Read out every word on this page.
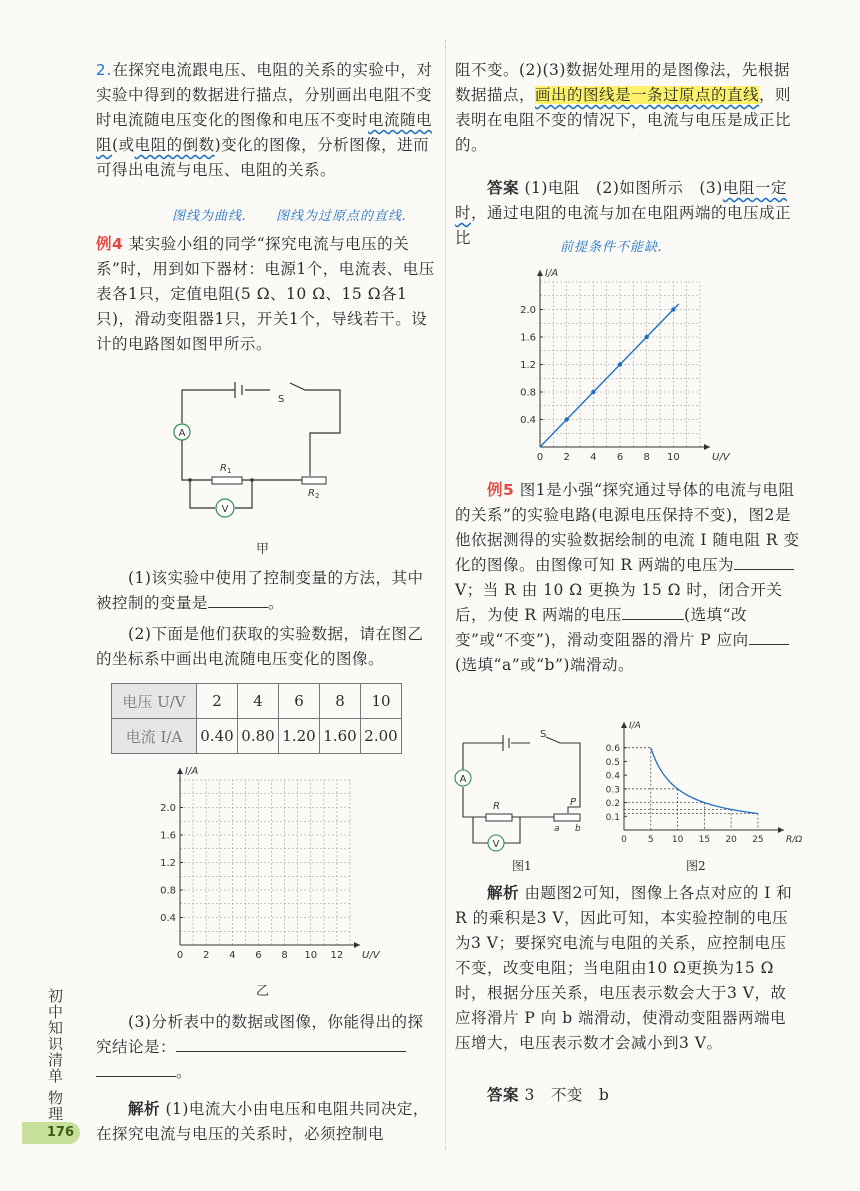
2.在探究电流跟电压、电阻的关系的实验中，对实验中得到的数据进行描点，分别画出电阻不变时电流随电压变化的图像和电压不变时电流随电阻(或电阻的倒数)变化的图像，分析图像，进而可得出电流与电压、电阻的关系。
图线为曲线. 图线为过原点的直线.
例4 某实验小组的同学“探究电流与电压的关系”时，用到如下器材：电源1个，电流表、电压表各1只，定值电阻(5 Ω、10 Ω、15 Ω各1只)，滑动变阻器1只，开关1个，导线若干。设计的电路图如图甲所示。
A
V
S
R 1
R 2
甲
(1)该实验中使用了控制变量的方法，其中被控制的变量是	。
(2)下面是他们获取的实验数据，请在图乙的坐标系中画出电流随电压变化的图像。
电压 U/V	2	4	6	8	10
电流 I/A	0.40	0.80	1.20	1.60	2.00
0 2 4 6 8 10 12
0.4
0.8
1.2
1.6
2.0
U/V
I/A
乙
(3)分析表中的数据或图像，你能得出的探究结论是：
。
解析 (1)电流大小由电压和电阻共同决定，在探究电流与电压的关系时，必须控制电
阻不变。(2)(3)数据处理用的是图像法，先根据数据描点，画出的图线是一条过原点的直线，则表明在电阻不变的情况下，电流与电压是成正比的。
答案 (1)电阻　(2)如图所示　(3)电阻一定时，通过电阻的电流与加在电阻两端的电压成正比
前提条件不能缺.
0 2 4 6 8 10
0.4
0.8
1.2
1.6
2.0
U/V
I/A
例5 图1是小强“探究通过导体的电流与电阻的关系”的实验电路(电源电压保持不变)，图2是他依据测得的实验数据绘制的电流 I 随电阻 R 变化的图像。由图像可知 R 两端的电压为V；当 R 由 10 Ω 更换为 15 Ω 时，闭合开关后，为使 R 两端的电压	(选填“改变”或“不变”)，滑动变阻器的滑片 P 应向(选填“a”或“b”)端滑动。
A
V
S
R	P
a b
图1
0 5 10 15 20 25
0.1
0.2
0.3
0.4
0.5
0.6
R/Ω
I/A
图2
解析 由题图2可知，图像上各点对应的 I 和 R 的乘积是3 V，因此可知，本实验控制的电压为3 V；要探究电流与电阻的关系，应控制电压不变，改变电阻；当电阻由10 Ω更换为15 Ω时，根据分压关系，电压表示数会大于3 V，故应将滑片 P 向 b 端滑动，使滑动变阻器两端电压增大，电压表示数才会减小到3 V。
答案 3　不变　b
初中知识清单
物理
176
